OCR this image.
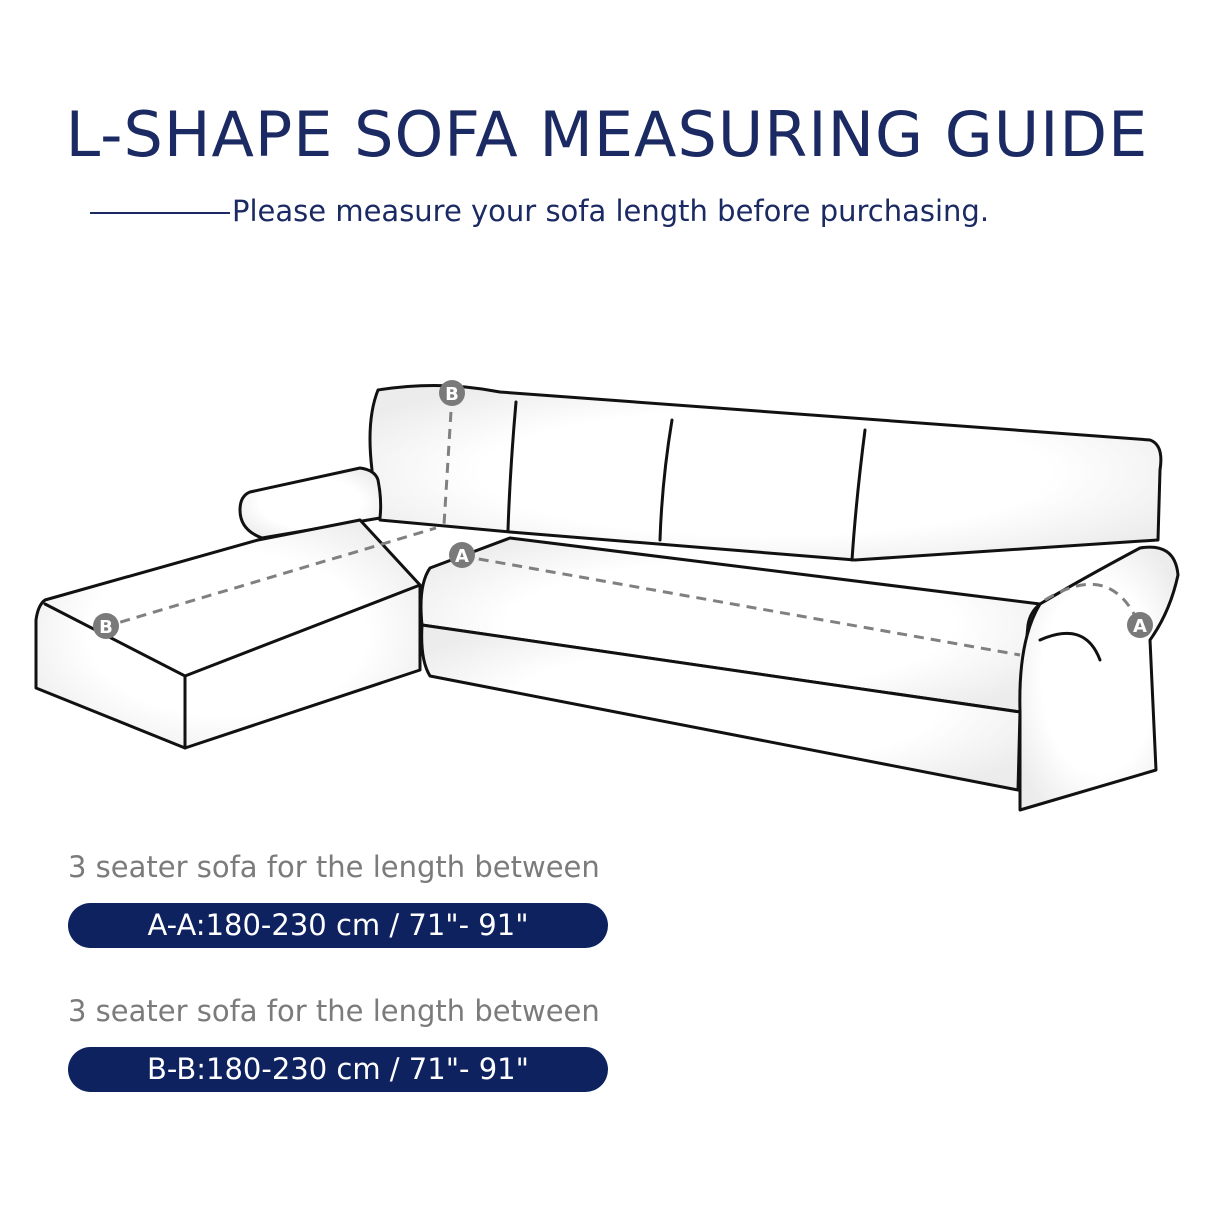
L-SHAPE SOFA MEASURING GUIDE
Please measure your sofa length before purchasing.
B
A
B	A
3 seater sofa for the length between
A-A:180-230 cm / 71"- 91"
3 seater sofa for the length between
B-B:180-230 cm / 71"- 91"
